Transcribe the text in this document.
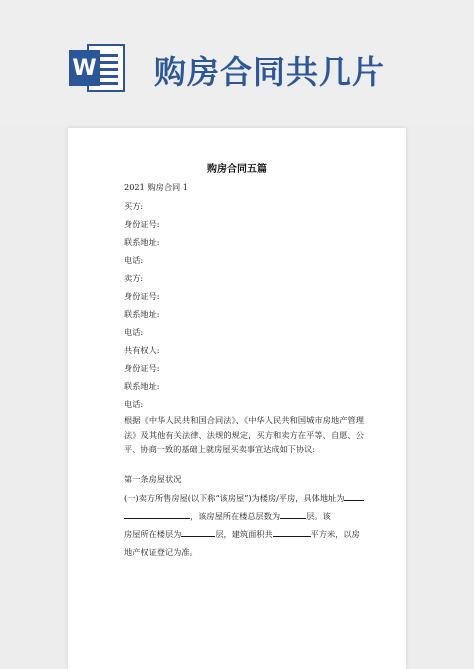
W 购房合同共几片
购房合同五篇
2021 购房合同 1
买方:
身份证号:
联系地址:
电话:
卖方:
身份证号:
联系地址:
电话:
共有权人:
身份证号:
联系地址:
电话:
根据《中华人民共和国合同法》、《中华人民共和国城市房地产管理法》及其他有关法律、法规的规定，买方和卖方在平等、自愿、公平、协商一致的基础上就房屋买卖事宜达成如下协议:
第一条房屋状况
(一)卖方所售房屋(以下称“该房屋”)为楼房/平房，具体地址为
，该房屋所在楼总层数为	层。该
房屋所在楼层为	层，建筑面积共	平方米，以房
地产权证登记为准。
